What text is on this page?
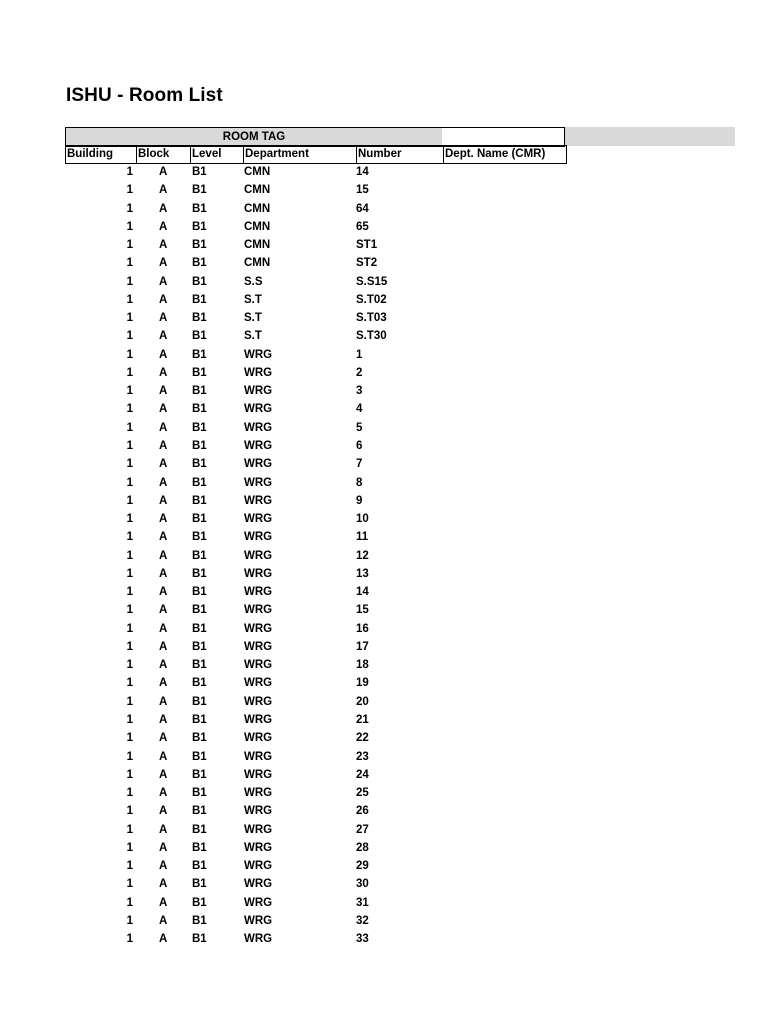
ISHU - Room List
ROOM TAG
Building	Block	Level	Department	Number	Dept. Name (CMR)
1 A B1	CMN	14
1 A B1	CMN	15
1 A B1	CMN	64
1 A B1	CMN	65
1 A B1	CMN	ST1
1 A B1	CMN	ST2
1 A B1	S.S	S.S15
1 A B1	S.T	S.T02
1 A B1	S.T	S.T03
1 A B1	S.T	S.T30
1 A B1	WRG	1
1 A B1	WRG	2
1 A B1	WRG	3
1 A B1	WRG	4
1 A B1	WRG	5
1 A B1	WRG	6
1 A B1	WRG	7
1 A B1	WRG	8
1 A B1	WRG	9
1 A B1	WRG	10
1 A B1	WRG	11
1 A B1	WRG	12
1 A B1	WRG	13
1 A B1	WRG	14
1 A B1	WRG	15
1 A B1	WRG	16
1 A B1	WRG	17
1 A B1	WRG	18
1 A B1	WRG	19
1 A B1	WRG	20
1 A B1	WRG	21
1 A B1	WRG	22
1 A B1	WRG	23
1 A B1	WRG	24
1 A B1	WRG	25
1 A B1	WRG	26
1 A B1	WRG	27
1 A B1	WRG	28
1 A B1	WRG	29
1 A B1	WRG	30
1 A B1	WRG	31
1 A B1	WRG	32
1 A B1	WRG	33
